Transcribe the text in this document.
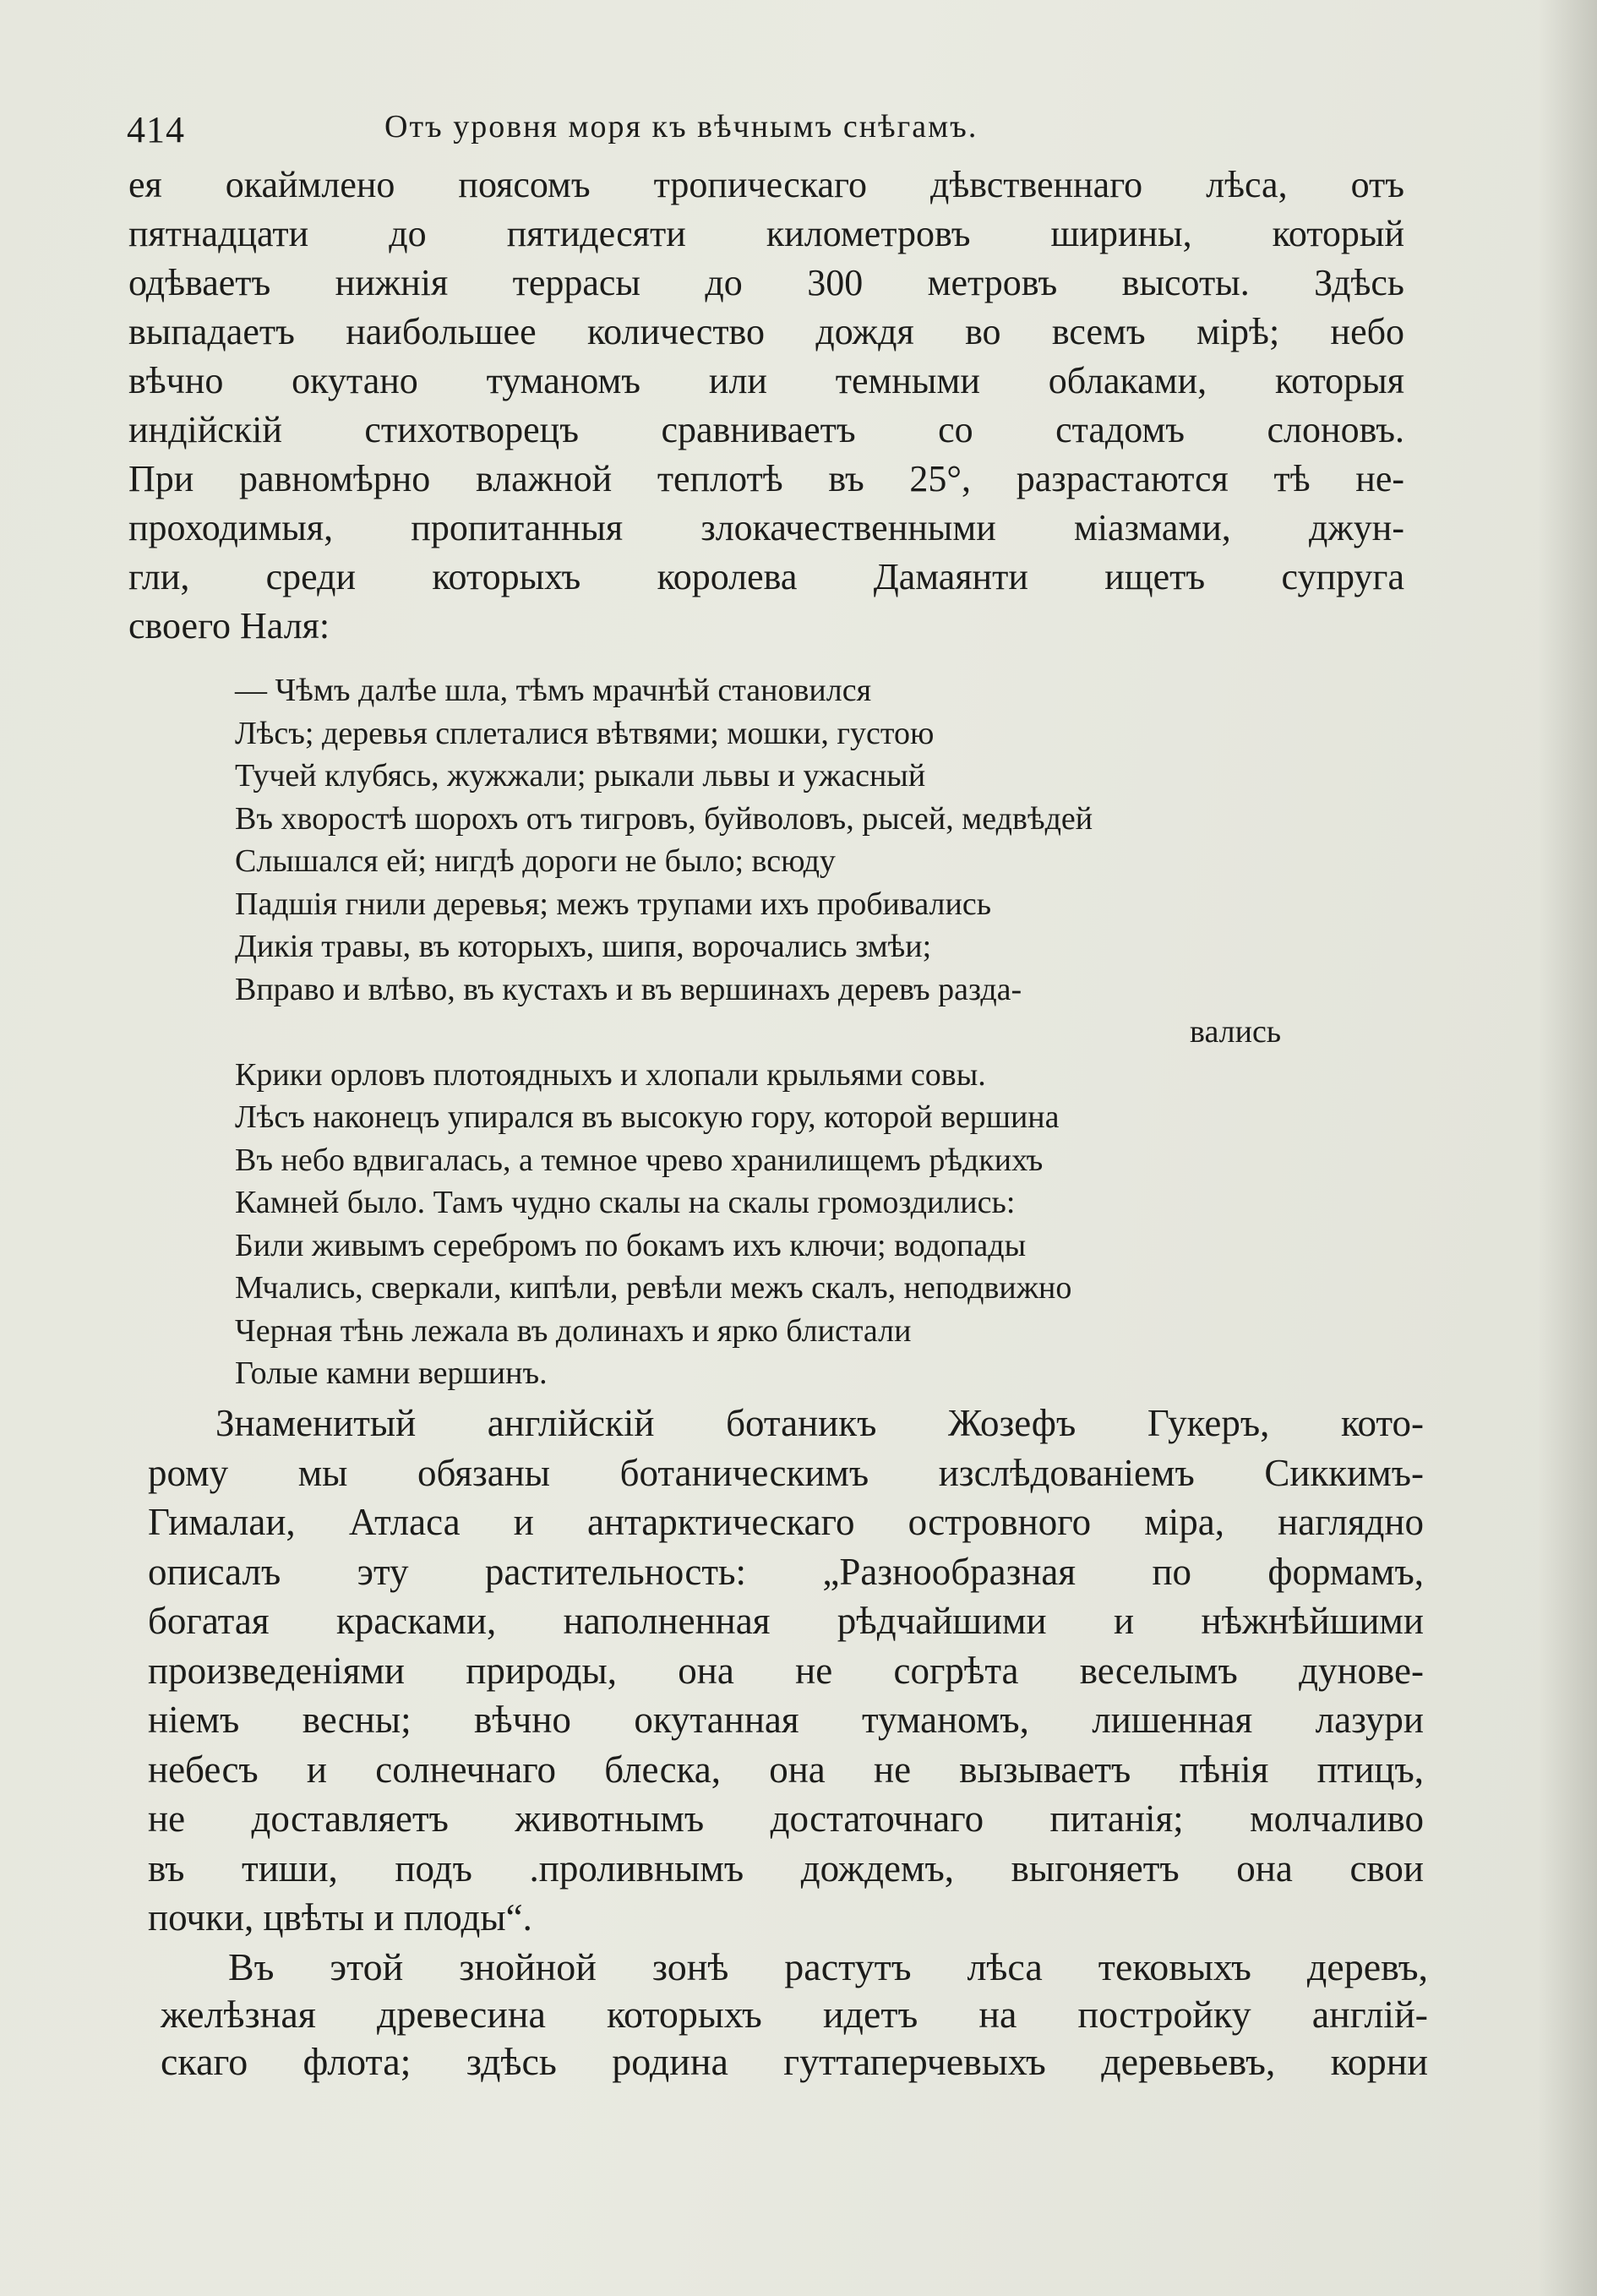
414	Отъ уровня моря къ вѣчнымъ снѣгамъ.

ея окаймлено поясомъ тропическаго дѣвственнаго лѣса, отъ
пятнадцати до пятидесяти километровъ ширины, который
одѣваетъ нижнія террасы до 300 метровъ высоты. Здѣсь
выпадаетъ наибольшее количество дождя во всемъ мірѣ; небо
вѣчно окутано туманомъ или темными облаками, которыя
индійскій стихотворецъ сравниваетъ со стадомъ слоновъ.
При равномѣрно влажной теплотѣ въ 25°, разрастаются тѣ не-
проходимыя, пропитанныя злокачественными міазмами, джун-
гли, среди которыхъ королева Дамаянти ищетъ супруга
своего Наля:

— Чѣмъ далѣе шла, тѣмъ мрачнѣй становился
Лѣсъ; деревья сплеталися вѣтвями; мошки, густою
Тучей клубясь, жужжали; рыкали львы и ужасный
Въ хворостѣ шорохъ отъ тигровъ, буйволовъ, рысей, медвѣдей
Слышался ей; нигдѣ дороги не было; всюду
Падшія гнили деревья; межъ трупами ихъ пробивались
Дикія травы, въ которыхъ, шипя, ворочались змѣи;
Вправо и влѣво, въ кустахъ и въ вершинахъ деревъ разда-
вались
Крики орловъ плотоядныхъ и хлопали крыльями совы.
Лѣсъ наконецъ упирался въ высокую гору, которой вершина
Въ небо вдвигалась, а темное чрево хранилищемъ рѣдкихъ
Камней было. Тамъ чудно скалы на скалы громоздились:
Били живымъ серебромъ по бокамъ ихъ ключи; водопады
Мчались, сверкали, кипѣли, ревѣли межъ скалъ, неподвижно
Черная тѣнь лежала въ долинахъ и ярко блистали
Голые камни вершинъ.

Знаменитый англійскій ботаникъ Жозефъ Гукеръ, кото-
рому мы обязаны ботаническимъ изслѣдованіемъ Сиккимъ-
Гималаи, Атласа и антарктическаго островного міра, наглядно
описалъ эту растительность: „Разнообразная по формамъ,
богатая красками, наполненная рѣдчайшими и нѣжнѣйшими
произведеніями природы, она не согрѣта веселымъ дунове-
ніемъ весны; вѣчно окутанная туманомъ, лишенная лазури
небесъ и солнечнаго блеска, она не вызываетъ пѣнія птицъ,
не доставляетъ животнымъ достаточнаго питанія; молчаливо
въ тиши, подъ .проливнымъ дождемъ, выгоняетъ она свои
почки, цвѣты и плоды“.

Въ этой знойной зонѣ растутъ лѣса тековыхъ деревъ,
желѣзная древесина которыхъ идетъ на постройку англій-
скаго флота; здѣсь родина гуттаперчевыхъ деревьевъ, корни
